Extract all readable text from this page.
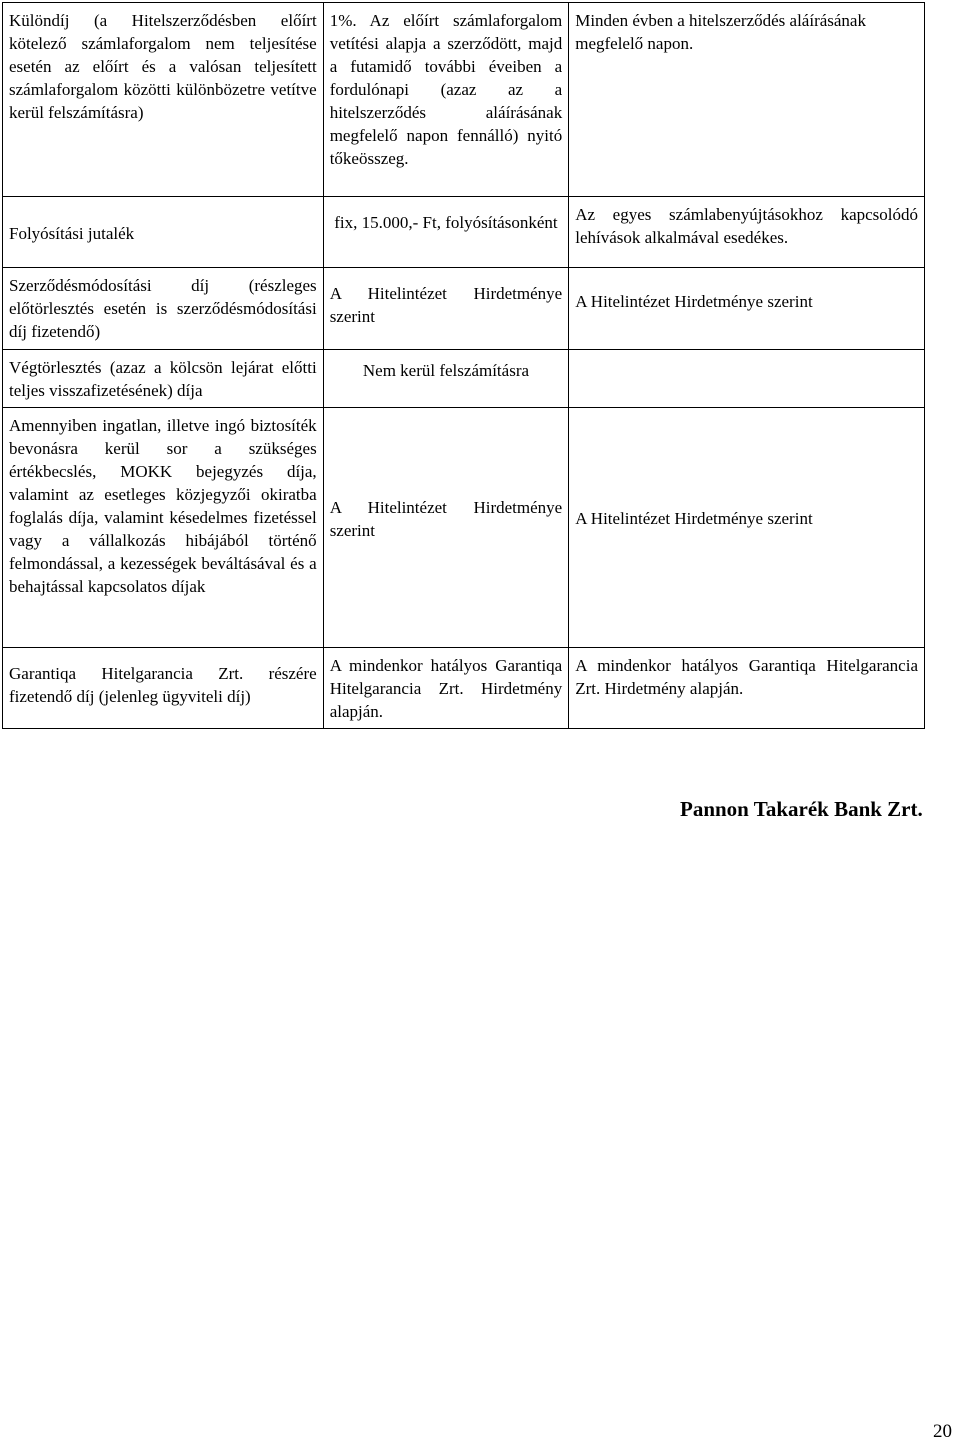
Különdíj (a Hitelszerződésben előírt kötelező számlaforgalom nem teljesítése esetén az előírt és a valósan teljesített számlaforgalom közötti különbözetre vetítve kerül felszámításra)	1%. Az előírt számlaforgalom vetítési alapja a szerződött, majd a futamidő további éveiben a fordulónapi (azaz az a hitelszerződés aláírásának megfelelő napon fennálló) nyitó tőkeösszeg.	Minden évben a hitelszerződés aláírásának megfelelő napon.

Folyósítási jutalék	fix, 15.000,- Ft, folyósításonként	Az egyes számlabenyújtásokhoz kapcsolódó lehívások alkalmával esedékes.

Szerződésmódosítási díj (részleges előtörlesztés esetén is szerződésmódosítási díj fizetendő)	A Hitelintézet Hirdetménye szerint	A Hitelintézet Hirdetménye szerint

Végtörlesztés (azaz a kölcsön lejárat előtti teljes visszafizetésének) díja	Nem kerül felszámításra	

Amennyiben ingatlan, illetve ingó biztosíték bevonásra kerül sor a szükséges értékbecslés, MOKK bejegyzés díja, valamint az esetleges közjegyzői okiratba foglalás díja, valamint késedelmes fizetéssel vagy a vállalkozás hibájából történő felmondással, a kezességek beváltásával és a behajtással kapcsolatos díjak	A Hitelintézet Hirdetménye szerint	A Hitelintézet Hirdetménye szerint

Garantiqa Hitelgarancia Zrt. részére fizetendő díj (jelenleg ügyviteli díj)	A mindenkor hatályos Garantiqa Hitelgarancia Zrt. Hirdetmény alapján.	A mindenkor hatályos Garantiqa Hitelgarancia Zrt. Hirdetmény alapján.
Pannon Takarék Bank Zrt.
20
